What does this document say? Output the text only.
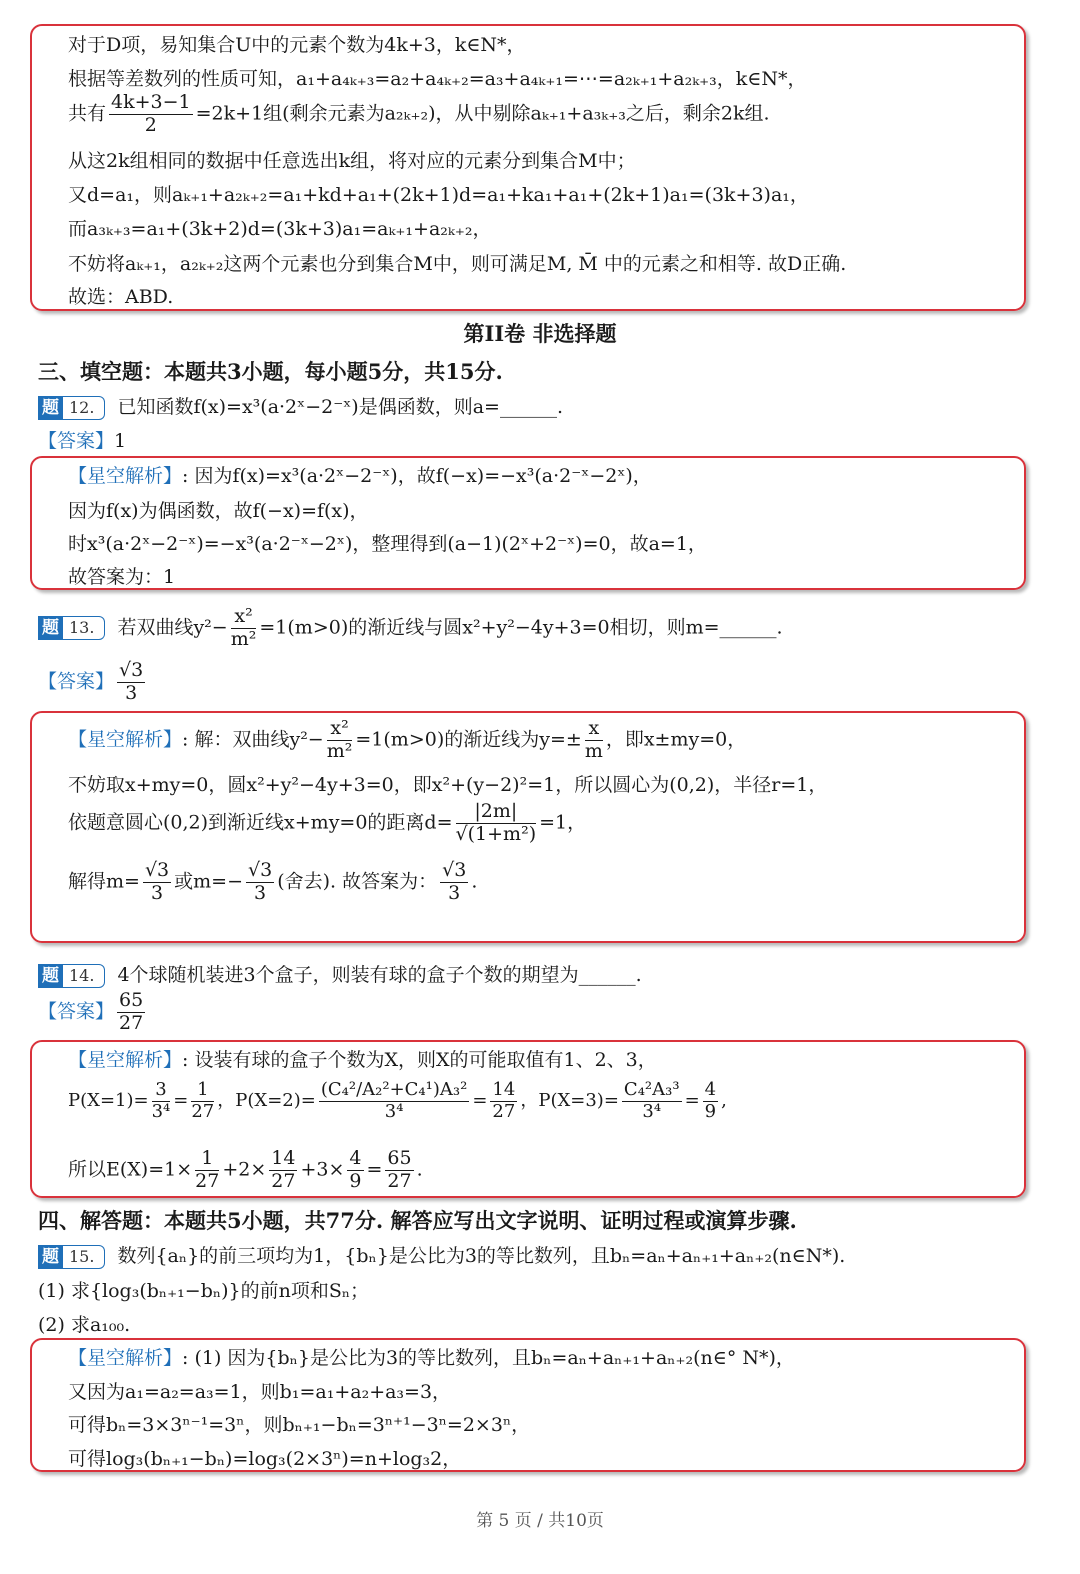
对于D项，易知集合U中的元素个数为4k+3，k∈N*，
根据等差数列的性质可知，a₁+a₄ₖ₊₃=a₂+a₄ₖ₊₂=a₃+a₄ₖ₊₁=⋯=a₂ₖ₊₁+a₂ₖ₊₃，k∈N*，
共有 $\frac{4k+3-1}{2} =2k+1$组(剩余元素为a₂ₖ₊₂)，从中剔除aₖ₊₁+a₃ₖ₊₃之后，剩余2k组.
从这2k组相同的数据中任意选出k组，将对应的元素分到集合M中；
又d=a₁，则aₖ₊₁+a₂ₖ₊₂=a₁+kd+a₁+(2k+1)d=a₁+ka₁+a₁+(2k+1)a₁=(3k+3)a₁，
而a₃ₖ₊₃=a₁+(3k+2)d=(3k+3)a₁=aₖ₊₁+a₂ₖ₊₂，
不妨将aₖ₊₁，a₂ₖ₊₂这两个元素也分到集合M中，则可满足M, M̄ 中的元素之和相等. 故D正确.
故选：ABD.
第II卷 非选择题
三、填空题：本题共3小题，每小题5分，共15分.
题 12. 已知函数f(x)=x³(a·2ˣ−2⁻ˣ)是偶函数，则a=______.
【答案】1
【星空解析】: 因为f(x)=x³(a·2ˣ−2⁻ˣ)，故f(−x)=−x³(a·2⁻ˣ−2ˣ)，
因为f(x)为偶函数，故f(−x)=f(x)，
时x³(a·2ˣ−2⁻ˣ)=−x³(a·2⁻ˣ−2ˣ)，整理得到(a−1)(2ˣ+2⁻ˣ)=0，故a=1，
故答案为：1
题 13. 若双曲线$y^2- \frac{\text{x²}}{\text{m²}} =1(m>0)$的渐近线与圆x²+y²−4y+3=0相切，则m=______.
【答案】 $\frac{√3}{3}$
【星空解析】: 解：双曲线$y^2- \frac{\text{x²}}{\text{m²}} =1(m>0)$的渐近线为$y=\pm \frac{x}{m}$ ，即x±my=0，
不妨取x+my=0，圆x²+y²−4y+3=0，即x²+(y−2)²=1，所以圆心为(0,2)，半径r=1，
依题意圆心(0,2)到渐近线x+my=0的距离$d= \frac{|2m|}{\text{√(1+m²)}} =1$，
解得$m= \frac{√3}{3}$ 或$m=- \frac{√3}{3}$ (舍去). 故答案为： $\frac{√3}{3}$ .
题 14. 4个球随机装进3个盒子，则装有球的盒子个数的期望为______.
【答案】 $\frac{65}{27}$
【星空解析】: 设装有球的盒子个数为X，则X的可能取值有1、2、3，
$P(X=1)= \frac{3}{\text{3⁴}} = \frac{1}{27}$ ，$P(X=2)= \frac{\text{(C₄²/A₂²+C₄¹)A₃²}}{\text{3⁴}} = \frac{14}{27}$ ，$P(X=3)= \frac{\text{C₄²A₃³}}{\text{3⁴}} = \frac{4}{9}$ ,
所以$E(X)=1\times \frac{1}{27} +2\times \frac{14}{27} +3\times \frac{4}{9} = \frac{65}{27}$ .
四、解答题：本题共5小题，共77分. 解答应写出文字说明、证明过程或演算步骤.
题 15. 数列{aₙ}的前三项均为1，{bₙ}是公比为3的等比数列，且bₙ=aₙ+aₙ₊₁+aₙ₊₂(n∈N*).
(1) 求{log₃(bₙ₊₁−bₙ)}的前n项和Sₙ；
(2) 求a₁₀₀.
【星空解析】: (1) 因为{bₙ}是公比为3的等比数列，且bₙ=aₙ+aₙ₊₁+aₙ₊₂(n∈° N*)，
又因为a₁=a₂=a₃=1，则b₁=a₁+a₂+a₃=3，
可得bₙ=3×3ⁿ⁻¹=3ⁿ，则bₙ₊₁−bₙ=3ⁿ⁺¹−3ⁿ=2×3ⁿ，
可得log₃(bₙ₊₁−bₙ)=log₃(2×3ⁿ)=n+log₃2，
第 5 页 / 共10页
